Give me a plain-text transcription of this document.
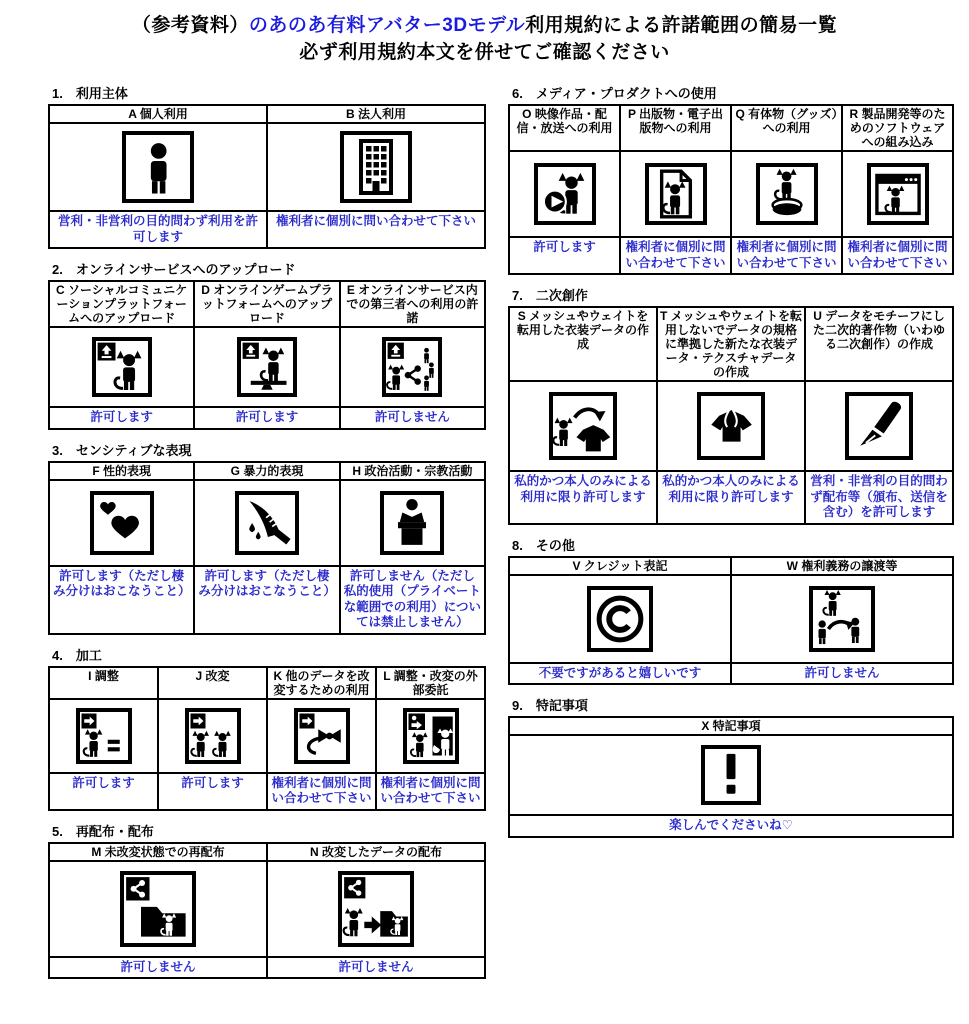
（参考資料）のあのあ有料アバター3Dモデル利用規約による許諾範囲の簡易一覧
必ず利用規約本文を併せてご確認ください
1.　利用主体
A 個人利用	B 法人利用

営利・非営利の目的問わず利用を許可します	権利者に個別に問い合わせて下さい
2.　オンラインサービスへのアップロード
C ソーシャルコミュニケーションプラットフォームへのアップロード	D オンラインゲームプラットフォームへのアップロード	E オンラインサービス内での第三者への利用の許諾

許可します	許可します	許可しません
3.　センシティブな表現
F 性的表現	G 暴力的表現	H 政治活動・宗教活動

許可します（ただし棲み分けはおこなうこと）	許可します（ただし棲み分けはおこなうこと）	許可しません（ただし私的使用（プライベートな範囲での利用）については禁止しません）
4.　加工
I 調整	J 改変	K 他のデータを改変するための利用	L 調整・改変の外部委託

許可します	許可します	権利者に個別に問い合わせて下さい	権利者に個別に問い合わせて下さい
5.　再配布・配布
M 未改変状態での再配布	N 改変したデータの配布

許可しません	許可しません
6.　メディア・プロダクトへの使用
O 映像作品・配信・放送への利用	P 出版物・電子出版物への利用	Q 有体物（グッズ）への利用	R 製品開発等のためのソフトウェアへの組み込み

許可します	権利者に個別に問い合わせて下さい	権利者に個別に問い合わせて下さい	権利者に個別に問い合わせて下さい
7.　二次創作
S メッシュやウェイトを転用した衣装データの作成	T メッシュやウェイトを転用しないでデータの規格に準拠した新たな衣装データ・テクスチャデータの作成	U データをモチーフにした二次的著作物（いわゆる二次創作）の作成

私的かつ本人のみによる利用に限り許可します	私的かつ本人のみによる利用に限り許可します	営利・非営利の目的問わず配布等（頒布、送信を含む）を許可します
8.　その他
V クレジット表記	W 権利義務の譲渡等

不要ですがあると嬉しいです	許可しません
9.　特記事項
X 特記事項

楽しんでくださいね♡
